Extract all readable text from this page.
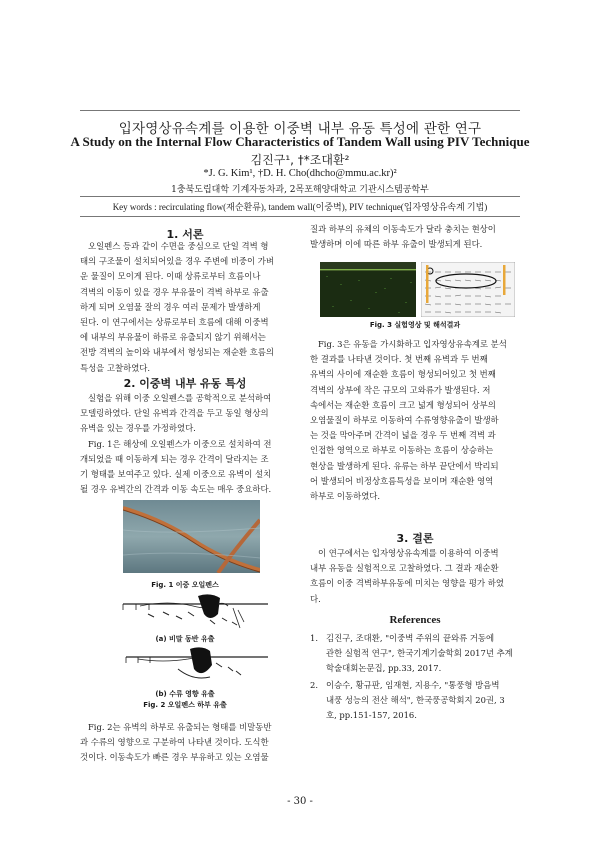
입자영상유속계를 이용한 이중벽 내부 유동 특성에 관한 연구
A Study on the Internal Flow Characteristics of Tandem Wall using PIV Technique
김진구¹, †*조대환²
*J. G. Kim¹, †D. H. Cho(dhcho@mmu.ac.kr)²
1충북도립대학 기계자동차과, 2목포해양대학교 기관시스템공학부
Key words : recirculating flow(재순환류), tandem wall(이중벽), PIV technique(입자영상유속계 기법)
1. 서론
오일펜스 등과 같이 수면을 중심으로 단일 격벽 형
태의 구조물이 설치되어있을 경우 주변에 비중이 가벼
운 물질이 모이게 된다. 이때 상류로부터 흐름이나
격벽의 이동이 있을 경우 부유물이 격벽 하부로 유출
하게 되며 오염물 잘의 경우 여러 문제가 발생하게
된다. 이 연구에서는 상류로부터 흐름에 대해 이중벽
에 내부의 부유물이 하류로 유출되지 않기 위해서는
전방 격벽의 높이와 내부에서 형성되는 재순환 흐름의
특성을 고찰하였다.
2. 이중벽 내부 유동 특성
실험을 위해 이중 오일펜스를 공학적으로 분석하여
모델링하였다. 단일 유벽과 간격을 두고 동일 형상의
유벽을 있는 경우를 가정하였다.
Fig. 1은 해상에 오일펜스가 이중으로 설치하여 전
개되었을 때 이동하게 되는 경우 간격이 달라지는 조
기 형태를 보여주고 있다. 실제 이중으로 유벽이 설치
될 경우 유벽간의 간격과 이동 속도는 매우 중요하다.
Fig. 1 이중 오일펜스
(a) 비말 동반 유출
(b) 수류 영향 유출
Fig. 2 오일펜스 하부 유출
Fig. 2는 유벽의 하부로 유출되는 형태를 비말동반
과 수류의 영향으로 구분하여 나타낸 것이다. 도식한
것이다. 이동속도가 빠른 경우 부유하고 있는 오염물
질과 하부의 유체의 이동속도가 달라 충치는 현상이
발생하며 이에 따른 하부 유출이 발생되게 된다.
Fig. 3 실험영상 및 해석결과
Fig. 3은 유동을 가시화하고 입자영상유속계로 분석
한 결과를 나타낸 것이다. 첫 번째 유벽과 두 번째
유벽의 사이에 재순환 흐름이 형성되어있고 첫 번째
격벽의 상부에 작은 규모의 고와류가 발생된다. 저
속에서는 재순환 흐름이 크고 넓게 형성되어 상부의
오염물질이 하부로 이동하여 수류영향유출이 발생하
는 것을 막아주며 간격이 넓을 경우 두 번째 격벽 과
인접한 영역으로 하부로 이동하는 흐름이 상승하는
현상을 발생하게 된다. 유류는 하부 끝단에서 박리되
어 발생되어 비정상흐름특성을 보이며 재순환 영역
하부로 이동하였다.
3. 결론
이 연구에서는 입자영상유속계를 이용하여 이중벽
내부 유동을 실험적으로 고찰하였다. 그 결과 재순환
흐름이 이중 격벽하부유동에 미치는 영향을 평가 하였
다.
References
1. 김진구, 조대환, "이중벽 주위의 끝와류 거동에
관한 실험적 연구", 한국기계기술학회 2017년 추계
학술대회논문집, pp.33, 2017.
2. 이승수, 황규판, 임재현, 지용수, "통풍형 방음벽
내풍 성능의 전산 해석", 한국풍공학회지 20권, 3
호, pp.151-157, 2016.
- 30 -
